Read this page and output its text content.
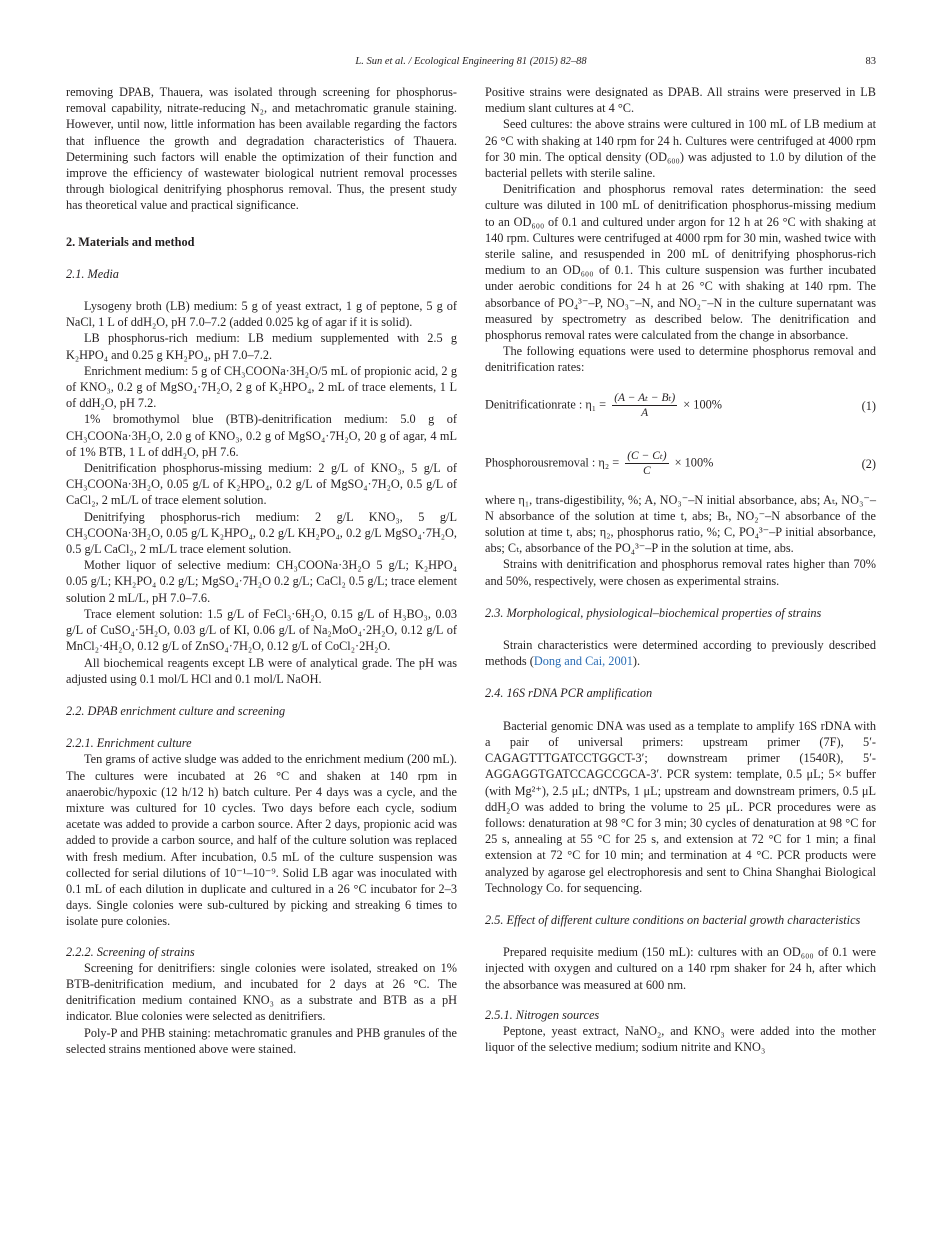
L. Sun et al. / Ecological Engineering 81 (2015) 82–88	83

removing DPAB, Thauera, was isolated through screening for phosphorus-removal capability, nitrate-reducing N₂, and metachromatic granule staining. However, until now, little information has been available regarding the factors that influence the growth and degradation characteristics of Thauera. Determining such factors will enable the optimization of their function and improve the efficiency of wastewater biological nutrient removal processes through biological denitrifying phosphorus removal. Thus, the present study has theoretical value and practical significance.

2. Materials and method
2.1. Media

Lysogeny broth (LB) medium: 5 g of yeast extract, 1 g of peptone, 5 g of NaCl, 1 L of ddH₂O, pH 7.0–7.2 (added 0.025 kg of agar if it is solid).

LB phosphorus-rich medium: LB medium supplemented with 2.5 g K₂HPO₄ and 0.25 g KH₂PO₄, pH 7.0–7.2.

Enrichment medium: 5 g of CH₃COONa·3H₂O/5 mL of propionic acid, 2 g of KNO₃, 0.2 g of MgSO₄·7H₂O, 2 g of K₂HPO₄, 2 mL of trace elements, 1 L of ddH₂O, pH 7.2.

1% bromothymol blue (BTB)-denitrification medium: 5.0 g of CH₃COONa·3H₂O, 2.0 g of KNO₃, 0.2 g of MgSO₄·7H₂O, 20 g of agar, 4 mL of 1% BTB, 1 L of ddH₂O, pH 7.6.

Denitrification phosphorus-missing medium: 2 g/L of KNO₃, 5 g/L of CH₃COONa·3H₂O, 0.05 g/L of K₂HPO₄, 0.2 g/L of MgSO₄·7H₂O, 0.5 g/L of CaCl₂, 2 mL/L of trace element solution.

Denitrifying phosphorus-rich medium: 2 g/L KNO₃, 5 g/L CH₃COONa·3H₂O, 0.05 g/L K₂HPO₄, 0.2 g/L KH₂PO₄, 0.2 g/L MgSO₄·7H₂O, 0.5 g/L CaCl₂, 2 mL/L trace element solution.

Mother liquor of selective medium: CH₃COONa·3H₂O 5 g/L; K₂HPO₄ 0.05 g/L; KH₂PO₄ 0.2 g/L; MgSO₄·7H₂O 0.2 g/L; CaCl₂ 0.5 g/L; trace element solution 2 mL/L, pH 7.0–7.6.

Trace element solution: 1.5 g/L of FeCl₃·6H₂O, 0.15 g/L of H₃BO₃, 0.03 g/L of CuSO₄·5H₂O, 0.03 g/L of KI, 0.06 g/L of Na₂MoO₄·2H₂O, 0.12 g/L of MnCl₂·4H₂O, 0.12 g/L of ZnSO₄·7H₂O, 0.12 g/L of CoCl₂·2H₂O.

All biochemical reagents except LB were of analytical grade. The pH was adjusted using 0.1 mol/L HCl and 0.1 mol/L NaOH.

2.2. DPAB enrichment culture and screening
2.2.1. Enrichment culture

Ten grams of active sludge was added to the enrichment medium (200 mL). The cultures were incubated at 26 °C and shaken at 140 rpm in anaerobic/hypoxic (12 h/12 h) batch culture. Per 4 days was a cycle, and the mixture was cultured for 10 cycles. Two days before each cycle, sodium acetate was added to provide a carbon source. After 2 days, propionic acid was added to provide a carbon source, and half of the culture solution was replaced with fresh medium. After incubation, 0.5 mL of the culture suspension was collected for serial dilutions of 10⁻¹–10⁻⁹. Solid LB agar was inoculated with 0.1 mL of each dilution in duplicate and cultured in a 26 °C incubator for 2–3 days. Single colonies were sub-cultured by picking and streaking 6 times to isolate pure colonies.

2.2.2. Screening of strains

Screening for denitrifiers: single colonies were isolated, streaked on 1% BTB-denitrification medium, and incubated for 2 days at 26 °C. The denitrification medium contained KNO₃ as a substrate and BTB as a pH indicator. Blue colonies were selected as denitrifiers.

Poly-P and PHB staining: metachromatic granules and PHB granules of the selected strains mentioned above were stained.

Positive strains were designated as DPAB. All strains were preserved in LB medium slant cultures at 4 °C.

Seed cultures: the above strains were cultured in 100 mL of LB medium at 26 °C with shaking at 140 rpm for 24 h. Cultures were centrifuged at 4000 rpm for 30 min. The optical density (OD₆₀₀) was adjusted to 1.0 by dilution of the bacterial pellets with sterile saline.

Denitrification and phosphorus removal rates determination: the seed culture was diluted in 100 mL of denitrification phosphorus-missing medium to an OD₆₀₀ of 0.1 and cultured under argon for 12 h at 26 °C with shaking at 140 rpm. Cultures were centrifuged at 4000 rpm for 30 min, washed twice with sterile saline, and resuspended in 200 mL of denitrifying phosphorus-rich medium to an OD₆₀₀ of 0.1. This culture suspension was further incubated under aerobic conditions for 24 h at 26 °C with shaking at 140 rpm. The absorbance of PO₄³⁻–P, NO₃⁻–N, and NO₂⁻–N in the culture supernatant was measured by spectrometry as described below. The denitrification and phosphorus removal rates were calculated from the change in absorbance.

The following equations were used to determine phosphorus removal and denitrification rates:

Denitrificationrate : $\eta_1 = \frac{\text{(A − Aₜ − Bₜ)}}{A} \times 100\%$	(1)
Phosphorousremoval : $\eta_2 = \frac{\text{(C − Cₜ)}}{C} \times 100\%$	(2)

where η₁, trans-digestibility, %; A, NO₃⁻–N initial absorbance, abs; Aₜ, NO₃⁻–N absorbance of the solution at time t, abs; Bₜ, NO₂⁻–N absorbance of the solution at time t, abs; η₂, phosphorus ratio, %; C, PO₄³⁻–P initial absorbance, abs; Cₜ, absorbance of the PO₄³⁻–P in the solution at time, abs.

Strains with denitrification and phosphorus removal rates higher than 70% and 50%, respectively, were chosen as experimental strains.

2.3. Morphological, physiological–biochemical properties of strains

Strain characteristics were determined according to previously described methods (Dong and Cai, 2001).

2.4. 16S rDNA PCR amplification

Bacterial genomic DNA was used as a template to amplify 16S rDNA with a pair of universal primers: upstream primer (7F), 5′-CAGAGTTTGATCCTGGCT-3′; downstream primer (1540R), 5′-AGGAGGTGATCCAGCCGCA-3′. PCR system: template, 0.5 μL; 5× buffer (with Mg²⁺), 2.5 μL; dNTPs, 1 μL; upstream and downstream primers, 0.5 μL ddH₂O was added to bring the volume to 25 μL. PCR procedures were as follows: denaturation at 98 °C for 3 min; 30 cycles of denaturation at 98 °C for 25 s, annealing at 55 °C for 25 s, and extension at 72 °C for 1 min; a final extension at 72 °C for 10 min; and termination at 4 °C. PCR products were analyzed by agarose gel electrophoresis and sent to China Shanghai Biological Technology Co. for sequencing.

2.5. Effect of different culture conditions on bacterial growth characteristics

Prepared requisite medium (150 mL): cultures with an OD₆₀₀ of 0.1 were injected with oxygen and cultured on a 140 rpm shaker for 24 h, after which the absorbance was measured at 600 nm.

2.5.1. Nitrogen sources

Peptone, yeast extract, NaNO₂, and KNO₃ were added into the mother liquor of the selective medium; sodium nitrite and KNO₃
